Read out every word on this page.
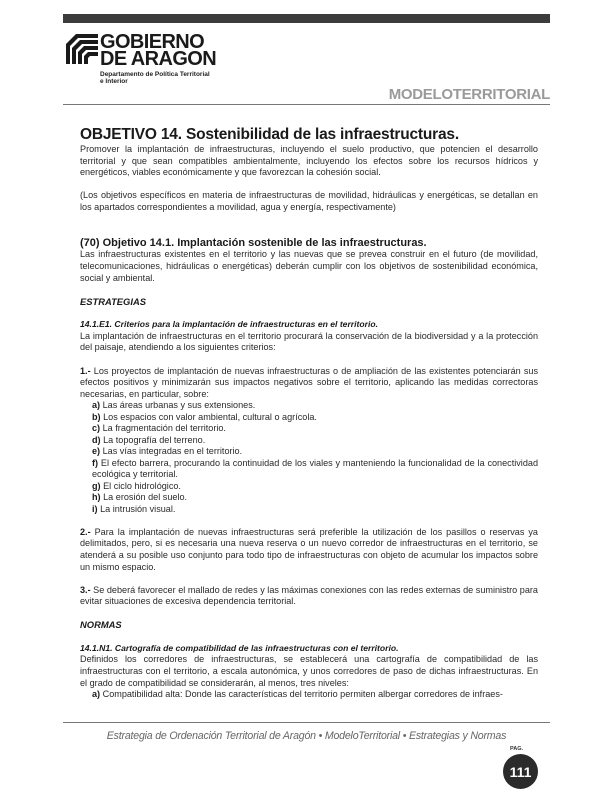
GOBIERNO
DE ARAGON
Departamento de Política Territorial
e Interior
MODELOTERRITORIAL

OBJETIVO 14. Sostenibilidad de las infraestructuras.

Promover la implantación de infraestructuras, incluyendo el suelo productivo, que potencien el desarrollo territorial y que sean compatibles ambientalmente, incluyendo los efectos sobre los recursos hídricos y energéticos, viables económicamente y que favorezcan la cohesión social.

(Los objetivos específicos en materia de infraestructuras de movilidad, hidráulicas y energéticas, se detallan en los apartados correspondientes a movilidad, agua y energía, respectivamente)

(70) Objetivo 14.1. Implantación sostenible de las infraestructuras.

Las infraestructuras existentes en el territorio y las nuevas que se prevea construir en el futuro (de movilidad, telecomunicaciones, hidráulicas o energéticas) deberán cumplir con los objetivos de sostenibilidad económica, social y ambiental.

ESTRATEGIAS

14.1.E1. Criterios para la implantación de infraestructuras en el territorio.

La implantación de infraestructuras en el territorio procurará la conservación de la biodiversidad y a la protección del paisaje, atendiendo a los siguientes criterios:

1.- Los proyectos de implantación de nuevas infraestructuras o de ampliación de las existentes potenciarán sus efectos positivos y minimizarán sus impactos negativos sobre el territorio, aplicando las medidas correctoras necesarias, en particular, sobre:

a) Las áreas urbanas y sus extensiones.
b) Los espacios con valor ambiental, cultural o agrícola.
c) La fragmentación del territorio.
d) La topografía del terreno.
e) Las vías integradas en el territorio.
f) El efecto barrera, procurando la continuidad de los viales y manteniendo la funcionalidad de la conectividad ecológica y territorial.
g) El ciclo hidrológico.
h) La erosión del suelo.
i) La intrusión visual.

2.- Para la implantación de nuevas infraestructuras será preferible la utilización de los pasillos o reservas ya delimitados, pero, si es necesaria una nueva reserva o un nuevo corredor de infraestructuras en el territorio, se atenderá a su posible uso conjunto para todo tipo de infraestructuras con objeto de acumular los impactos sobre un mismo espacio.

3.- Se deberá favorecer el mallado de redes y las máximas conexiones con las redes externas de suministro para evitar situaciones de excesiva dependencia territorial.

NORMAS

14.1.N1. Cartografía de compatibilidad de las infraestructuras con el territorio.

Definidos los corredores de infraestructuras, se establecerá una cartografía de compatibilidad de las infraestructuras con el territorio, a escala autonómica, y unos corredores de paso de dichas infraestructuras. En el grado de compatibilidad se considerarán, al menos, tres niveles:

a) Compatibilidad alta: Donde las características del territorio permiten albergar corredores de infraes-
Estrategia de Ordenación Territorial de Aragón • ModeloTerritorial • Estrategias y Normas
PAG.
111
